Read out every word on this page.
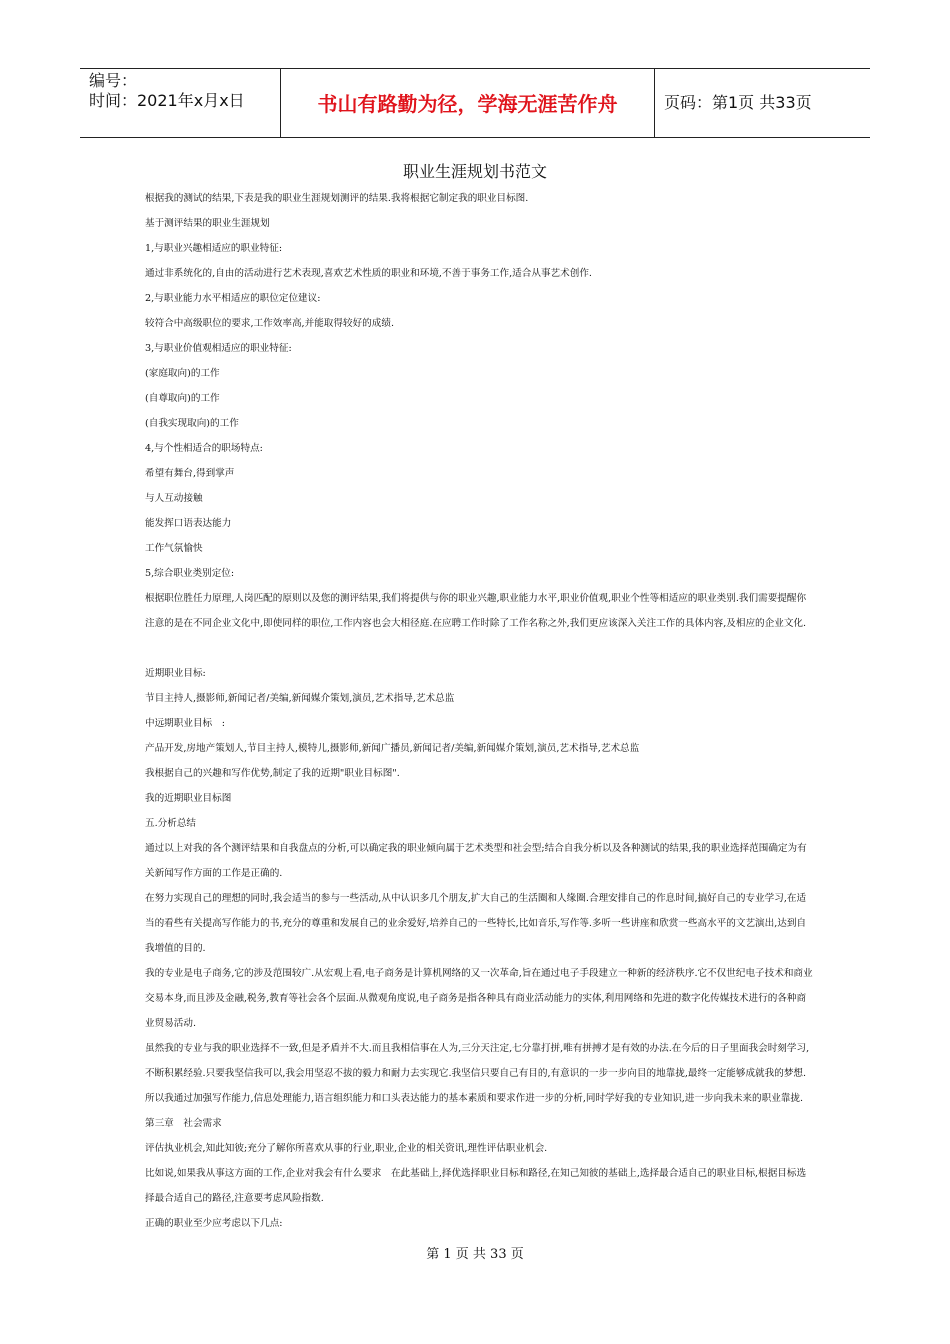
编号：
时间：2021年x月x日	书山有路勤为径，学海无涯苦作舟	页码：第1页 共33页
职业生涯规划书范文

根据我的测试的结果,下表是我的职业生涯规划测评的结果.我将根据它制定我的职业目标图.

基于测评结果的职业生涯规划

1,与职业兴趣相适应的职业特征:

通过非系统化的,自由的活动进行艺术表现,喜欢艺术性质的职业和环境,不善于事务工作,适合从事艺术创作.

2,与职业能力水平相适应的职位定位建议:

较符合中高级职位的要求,工作效率高,并能取得较好的成绩.

3,与职业价值观相适应的职业特征:

(家庭取向)的工作

(自尊取向)的工作

(自我实现取向)的工作

4,与个性相适合的职场特点:

希望有舞台,得到掌声

与人互动接触

能发挥口语表达能力

工作气氛愉快

5,综合职业类别定位:

根据职位胜任力原理,人岗匹配的原则以及您的测评结果,我们将提供与你的职业兴趣,职业能力水平,职业价值观,职业个性等相适应的职业类别.我们需要提醒你注意的是在不同企业文化中,即使同样的职位,工作内容也会大相径庭.在应聘工作时除了工作名称之外,我们更应该深入关注工作的具体内容,及相应的企业文化.

近期职业目标:

节目主持人,摄影师,新闻记者/美编,新闻媒介策划,演员,艺术指导,艺术总监

中远期职业目标　:

产品开发,房地产策划人,节目主持人,模特儿,摄影师,新闻广播员,新闻记者/美编,新闻媒介策划,演员,艺术指导,艺术总监

我根据自己的兴趣和写作优势,制定了我的近期"职业目标图".

我的近期职业目标图

五.分析总结

通过以上对我的各个测评结果和自我盘点的分析,可以确定我的职业倾向属于艺术类型和社会型;结合自我分析以及各种测试的结果,我的职业选择范围确定为有关新闻写作方面的工作是正确的.

在努力实现自己的理想的同时,我会适当的参与一些活动,从中认识多几个朋友,扩大自己的生活圈和人缘圈.合理安排自己的作息时间,搞好自己的专业学习,在适当的看些有关提高写作能力的书,充分的尊重和发展自己的业余爱好,培养自己的一些特长,比如音乐,写作等.多听一些讲座和欣赏一些高水平的文艺演出,达到自我增值的目的.

我的专业是电子商务,它的涉及范围较广.从宏观上看,电子商务是计算机网络的又一次革命,旨在通过电子手段建立一种新的经济秩序.它不仅世纪电子技术和商业交易本身,而且涉及金融,税务,教育等社会各个层面.从微观角度说,电子商务是指各种具有商业活动能力的实体,利用网络和先进的数字化传媒技术进行的各种商业贸易活动.

虽然我的专业与我的职业选择不一致,但是矛盾并不大.而且我相信事在人为,三分天注定,七分靠打拼,唯有拼搏才是有效的办法.在今后的日子里面我会时刻学习,不断积累经验.只要我坚信我可以,我会用坚忍不拔的毅力和耐力去实现它.我坚信只要自己有目的,有意识的一步一步向目的地靠拢,最终一定能够成就我的梦想.所以我通过加强写作能力,信息处理能力,语言组织能力和口头表达能力的基本素质和要求作进一步的分析,同时学好我的专业知识,进一步向我未来的职业靠拢.

第三章　社会需求

评估执业机会,知此知彼;充分了解你所喜欢从事的行业,职业,企业的相关资讯,理性评估职业机会.

比如说,如果我从事这方面的工作,企业对我会有什么要求　在此基础上,择优选择职业目标和路径,在知己知彼的基础上,选择最合适自己的职业目标,根据目标选择最合适自己的路径,注意要考虑风险指数.

正确的职业至少应考虑以下几点:

第 1 页 共 33 页
